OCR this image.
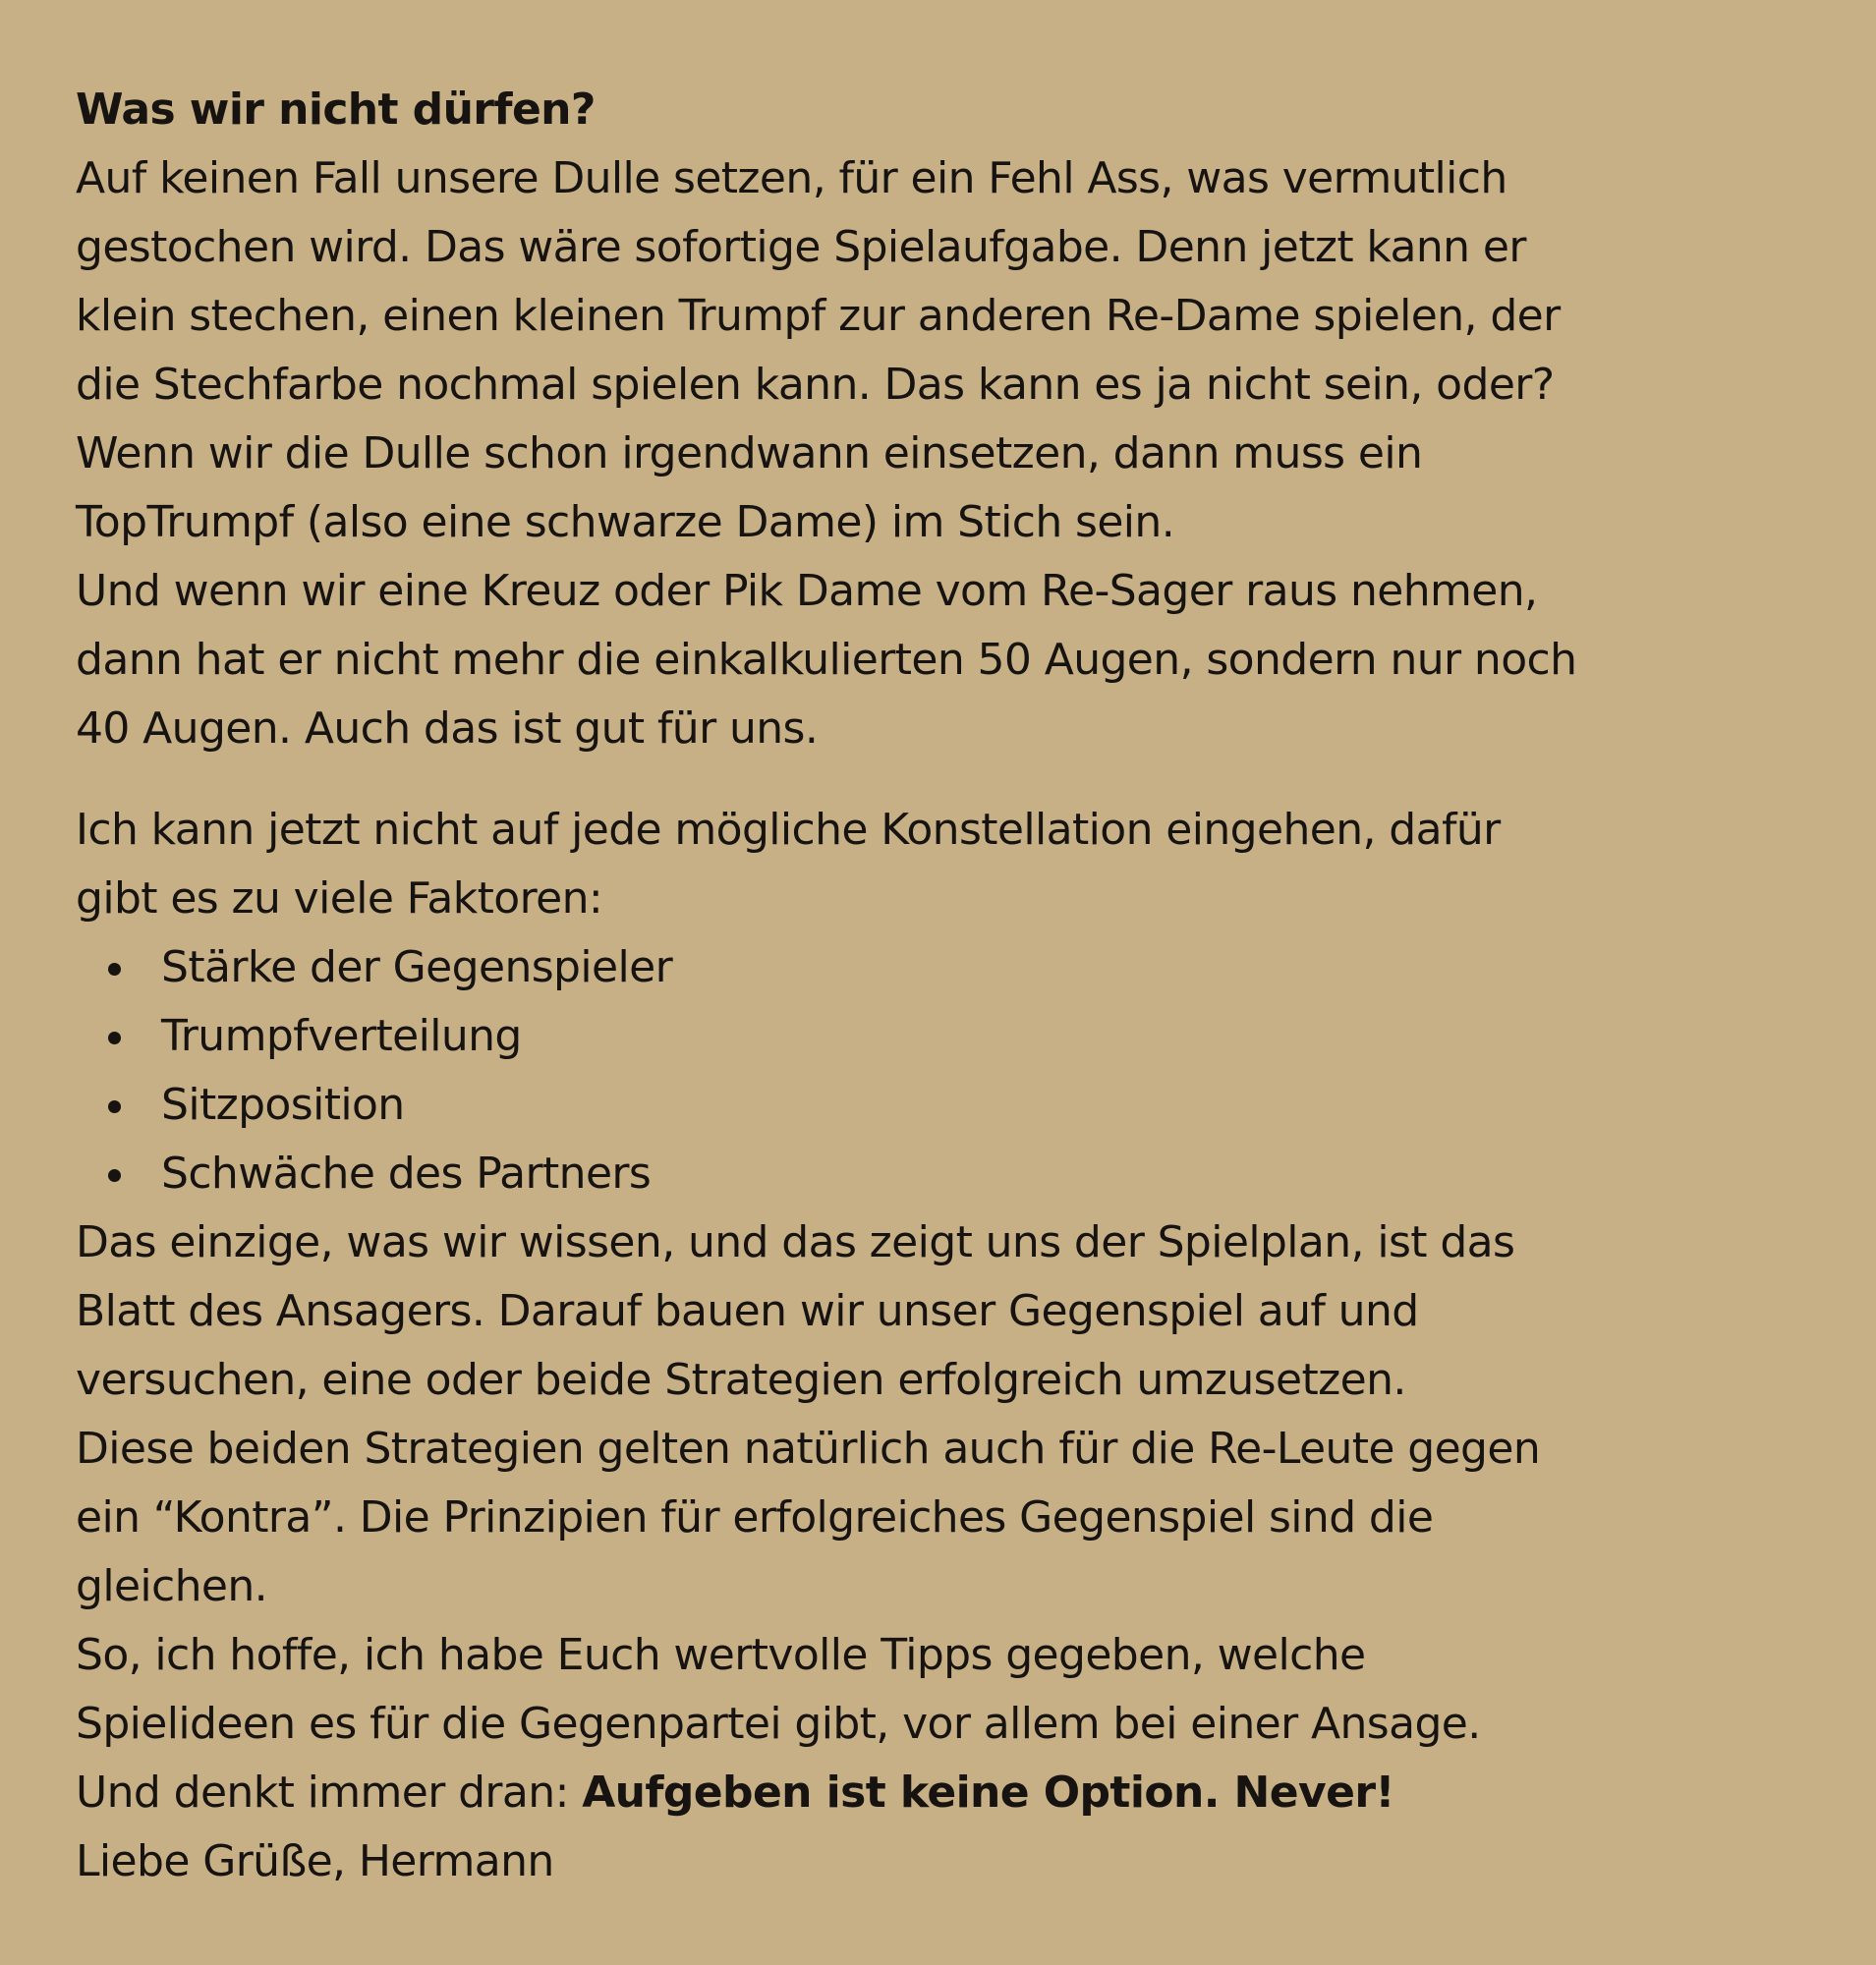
Was wir nicht dürfen?
Auf keinen Fall unsere Dulle setzen, für ein Fehl Ass, was vermutlich
gestochen wird. Das wäre sofortige Spielaufgabe. Denn jetzt kann er
klein stechen, einen kleinen Trumpf zur anderen Re-Dame spielen, der
die Stechfarbe nochmal spielen kann. Das kann es ja nicht sein, oder?
Wenn wir die Dulle schon irgendwann einsetzen, dann muss ein
TopTrumpf (also eine schwarze Dame) im Stich sein.
Und wenn wir eine Kreuz oder Pik Dame vom Re-Sager raus nehmen,
dann hat er nicht mehr die einkalkulierten 50 Augen, sondern nur noch
40 Augen. Auch das ist gut für uns.
Ich kann jetzt nicht auf jede mögliche Konstellation eingehen, dafür
gibt es zu viele Faktoren:
Stärke der Gegenspieler
Trumpfverteilung
Sitzposition
Schwäche des Partners
Das einzige, was wir wissen, und das zeigt uns der Spielplan, ist das
Blatt des Ansagers. Darauf bauen wir unser Gegenspiel auf und
versuchen, eine oder beide Strategien erfolgreich umzusetzen.
Diese beiden Strategien gelten natürlich auch für die Re-Leute gegen
ein “Kontra”. Die Prinzipien für erfolgreiches Gegenspiel sind die
gleichen.
So, ich hoffe, ich habe Euch wertvolle Tipps gegeben, welche
Spielideen es für die Gegenpartei gibt, vor allem bei einer Ansage.
Und denkt immer dran: Aufgeben ist keine Option. Never!
Liebe Grüße, Hermann
